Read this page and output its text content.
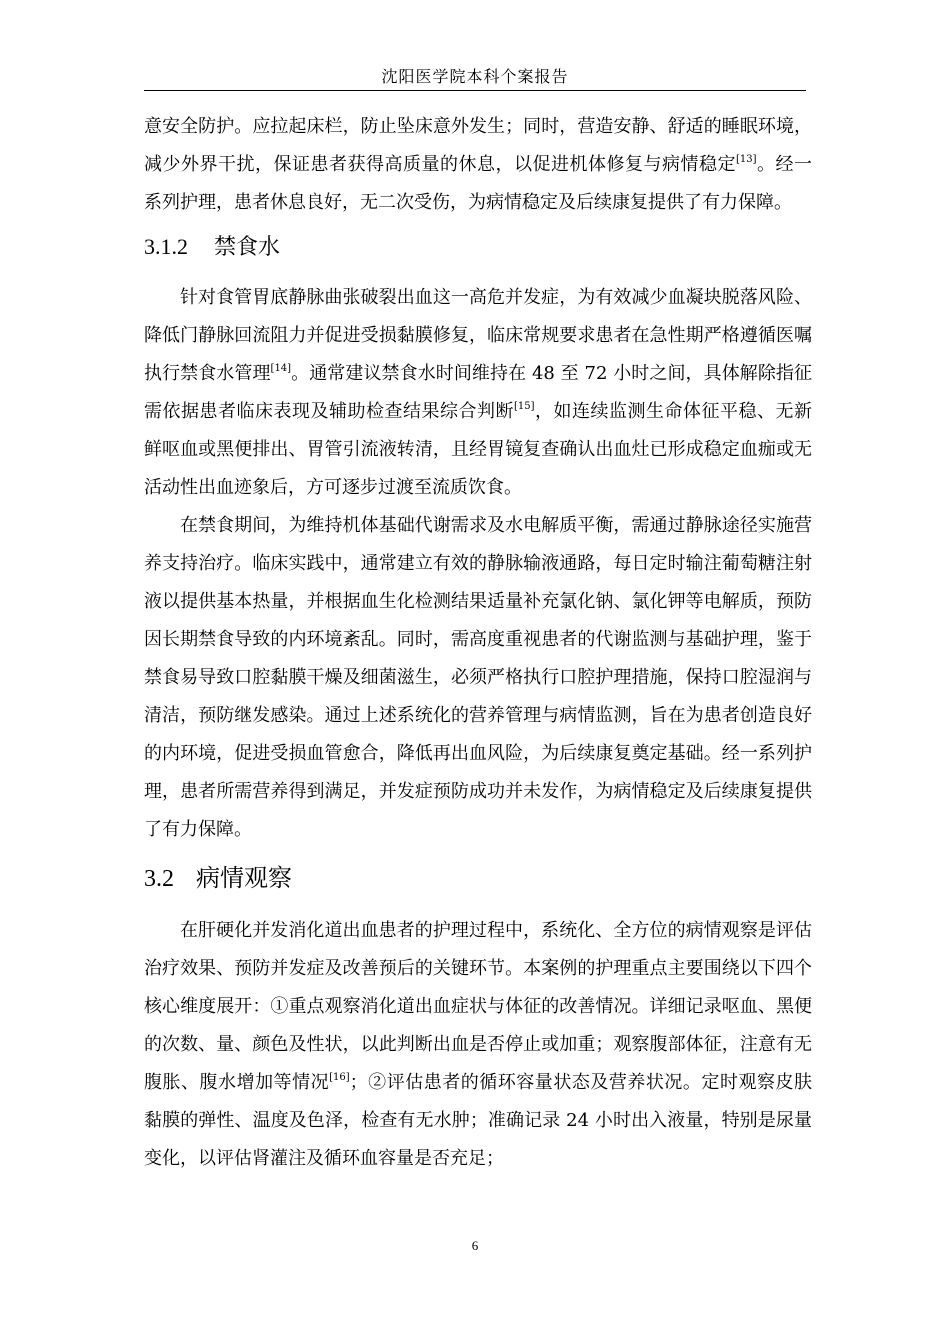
沈阳医学院本科个案报告

意安全防护。应拉起床栏，防止坠床意外发生；同时，营造安静、舒适的睡眠环境，减少外界干扰，保证患者获得高质量的休息，以促进机体修复与病情稳定[13]。经一系列护理，患者休息良好，无二次受伤，为病情稳定及后续康复提供了有力保障。

3.1.2 禁食水

针对食管胃底静脉曲张破裂出血这一高危并发症，为有效减少血凝块脱落风险、降低门静脉回流阻力并促进受损黏膜修复，临床常规要求患者在急性期严格遵循医嘱执行禁食水管理[14]。通常建议禁食水时间维持在 48 至 72 小时之间，具体解除指征需依据患者临床表现及辅助检查结果综合判断[15]，如连续监测生命体征平稳、无新鲜呕血或黑便排出、胃管引流液转清，且经胃镜复查确认出血灶已形成稳定血痂或无活动性出血迹象后，方可逐步过渡至流质饮食。

在禁食期间，为维持机体基础代谢需求及水电解质平衡，需通过静脉途径实施营养支持治疗。临床实践中，通常建立有效的静脉输液通路，每日定时输注葡萄糖注射液以提供基本热量，并根据血生化检测结果适量补充氯化钠、氯化钾等电解质，预防因长期禁食导致的内环境紊乱。同时，需高度重视患者的代谢监测与基础护理，鉴于禁食易导致口腔黏膜干燥及细菌滋生，必须严格执行口腔护理措施，保持口腔湿润与清洁，预防继发感染。通过上述系统化的营养管理与病情监测，旨在为患者创造良好的内环境，促进受损血管愈合，降低再出血风险，为后续康复奠定基础。经一系列护理，患者所需营养得到满足，并发症预防成功并未发作，为病情稳定及后续康复提供了有力保障。

3.2 病情观察

在肝硬化并发消化道出血患者的护理过程中，系统化、全方位的病情观察是评估治疗效果、预防并发症及改善预后的关键环节。本案例的护理重点主要围绕以下四个核心维度展开：①重点观察消化道出血症状与体征的改善情况。详细记录呕血、黑便的次数、量、颜色及性状，以此判断出血是否停止或加重；观察腹部体征，注意有无腹胀、腹水增加等情况[16]；②评估患者的循环容量状态及营养状况。定时观察皮肤黏膜的弹性、温度及色泽，检查有无水肿；准确记录 24 小时出入液量，特别是尿量变化，以评估肾灌注及循环血容量是否充足；

6
